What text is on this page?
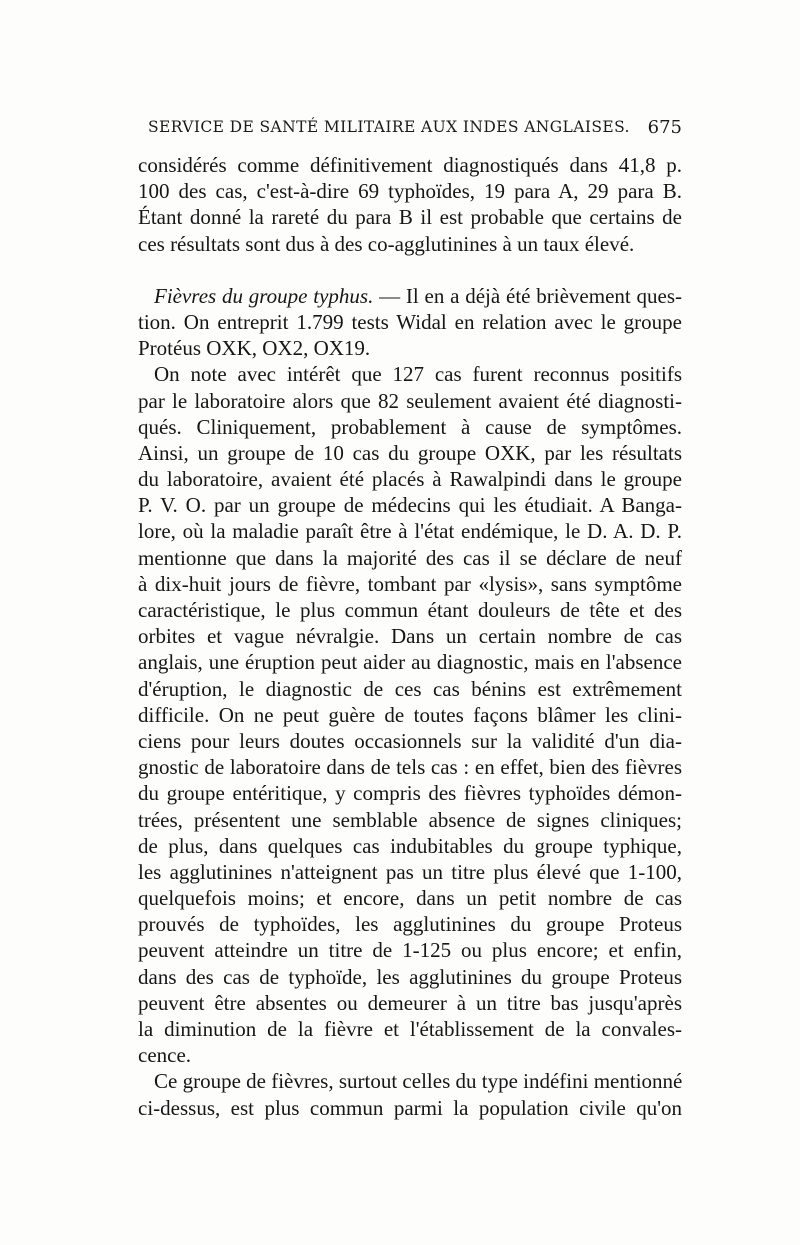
SERVICE DE SANTÉ MILITAIRE AUX INDES ANGLAISES. 675
considérés comme définitivement diagnostiqués dans 41,8 p.
100 des cas, c'est-à-dire 69 typhoïdes, 19 para A, 29 para B.
Étant donné la rareté du para B il est probable que certains de
ces résultats sont dus à des co-agglutinines à un taux élevé.
Fièvres du groupe typhus. — Il en a déjà été brièvement ques-
tion. On entreprit 1.799 tests Widal en relation avec le groupe
Protéus OXK, OX2, OX19.
On note avec intérêt que 127 cas furent reconnus positifs
par le laboratoire alors que 82 seulement avaient été diagnosti-
qués. Cliniquement, probablement à cause de symptômes.
Ainsi, un groupe de 10 cas du groupe OXK, par les résultats
du laboratoire, avaient été placés à Rawalpindi dans le groupe
P. V. O. par un groupe de médecins qui les étudiait. A Banga-
lore, où la maladie paraît être à l'état endémique, le D. A. D. P.
mentionne que dans la majorité des cas il se déclare de neuf
à dix-huit jours de fièvre, tombant par «lysis», sans symptôme
caractéristique, le plus commun étant douleurs de tête et des
orbites et vague névralgie. Dans un certain nombre de cas
anglais, une éruption peut aider au diagnostic, mais en l'absence
d'éruption, le diagnostic de ces cas bénins est extrêmement
difficile. On ne peut guère de toutes façons blâmer les clini-
ciens pour leurs doutes occasionnels sur la validité d'un dia-
gnostic de laboratoire dans de tels cas : en effet, bien des fièvres
du groupe entéritique, y compris des fièvres typhoïdes démon-
trées, présentent une semblable absence de signes cliniques;
de plus, dans quelques cas indubitables du groupe typhique,
les agglutinines n'atteignent pas un titre plus élevé que 1-100,
quelquefois moins; et encore, dans un petit nombre de cas
prouvés de typhoïdes, les agglutinines du groupe Proteus
peuvent atteindre un titre de 1-125 ou plus encore; et enfin,
dans des cas de typhoïde, les agglutinines du groupe Proteus
peuvent être absentes ou demeurer à un titre bas jusqu'après
la diminution de la fièvre et l'établissement de la convales-
cence.
Ce groupe de fièvres, surtout celles du type indéfini mentionné
ci-dessus, est plus commun parmi la population civile qu'on
